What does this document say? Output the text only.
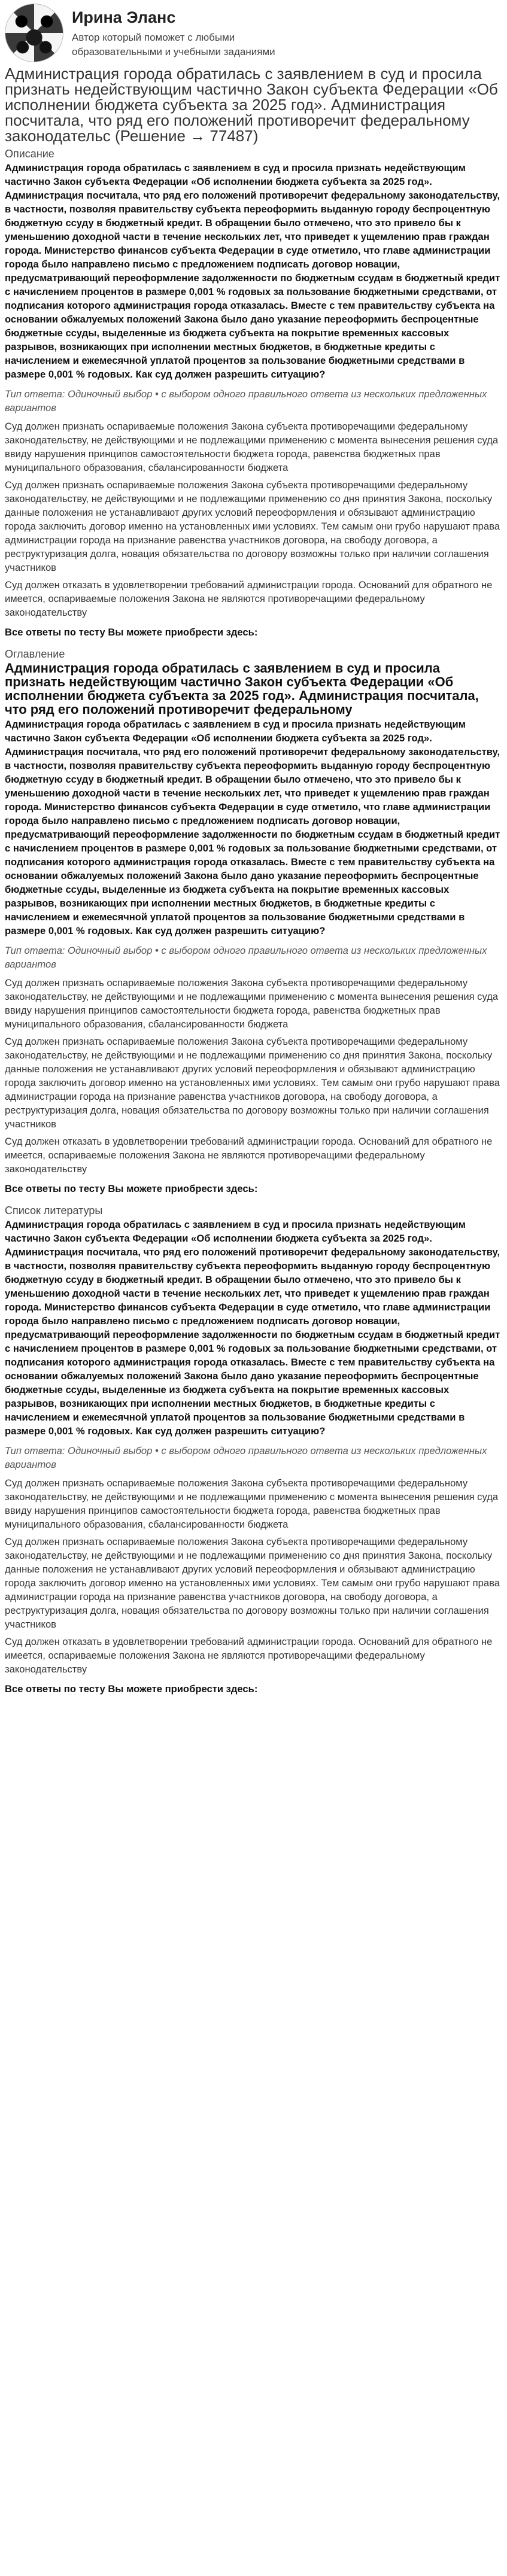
Ирина Эланс
Автор который поможет с любыми образовательными и учебными заданиями
Администрация города обратилась с заявлением в суд и просила признать недействующим частично Закон субъекта Федерации «Об исполнении бюджета субъекта за 2025 год». Администрация посчитала, что ряд его положений противоречит федеральному законодательс (Решение → 77487)

Описание

Администрация города обратилась с заявлением в суд и просила признать недействующим частично Закон субъекта Федерации «Об исполнении бюджета субъекта за 2025 год». Администрация посчитала, что ряд его положений противоречит федеральному законодательству, в частности, позволяя правительству субъекта переоформить выданную городу беспроцентную бюджетную ссуду в бюджетный кредит. В обращении было отмечено, что это привело бы к уменьшению доходной части в течение нескольких лет, что приведет к ущемлению прав граждан города. Министерство финансов субъекта Федерации в суде отметило, что главе администрации города было направлено письмо с предложением подписать договор новации, предусматривающий переоформление задолженности по бюджетным ссудам в бюджетный кредит с начислением процентов в размере 0,001 % годовых за пользование бюджетными средствами, от подписания которого администрация города отказалась. Вместе с тем правительству субъекта на основании обжалуемых положений Закона было дано указание переоформить беспроцентные бюджетные ссуды, выделенные из бюджета субъекта на покрытие временных кассовых разрывов, возникающих при исполнении местных бюджетов, в бюджетные кредиты с начислением и ежемесячной уплатой процентов за пользование бюджетными средствами в размере 0,001 % годовых. Как суд должен разрешить ситуацию?

Тип ответа: Одиночный выбор • с выбором одного правильного ответа из нескольких предложенных вариантов

Суд должен признать оспариваемые положения Закона субъекта противоречащими федеральному законодательству, не действующими и не подлежащими применению с момента вынесения решения суда ввиду нарушения принципов самостоятельности бюджета города, равенства бюджетных прав муниципального образования, сбалансированности бюджета

Суд должен признать оспариваемые положения Закона субъекта противоречащими федеральному законодательству, не действующими и не подлежащими применению со дня принятия Закона, поскольку данные положения не устанавливают других условий переоформления и обязывают администрацию города заключить договор именно на установленных ими условиях. Тем самым они грубо нарушают права администрации города на признание равенства участников договора, на свободу договора, а реструктуризация долга, новация обязательства по договору возможны только при наличии соглашения участников

Суд должен отказать в удовлетворении требований администрации города. Оснований для обратного не имеется, оспариваемые положения Закона не являются противоречащими федеральному законодательству

Все ответы по тесту Вы можете приобрести здесь:

Оглавление

Администрация города обратилась с заявлением в суд и просила признать недействующим частично Закон субъекта Федерации «Об исполнении бюджета субъекта за 2025 год». Администрация посчитала, что ряд его положений противоречит федеральному

Администрация города обратилась с заявлением в суд и просила признать недействующим частично Закон субъекта Федерации «Об исполнении бюджета субъекта за 2025 год». Администрация посчитала, что ряд его положений противоречит федеральному законодательству, в частности, позволяя правительству субъекта переоформить выданную городу беспроцентную бюджетную ссуду в бюджетный кредит. В обращении было отмечено, что это привело бы к уменьшению доходной части в течение нескольких лет, что приведет к ущемлению прав граждан города. Министерство финансов субъекта Федерации в суде отметило, что главе администрации города было направлено письмо с предложением подписать договор новации, предусматривающий переоформление задолженности по бюджетным ссудам в бюджетный кредит с начислением процентов в размере 0,001 % годовых за пользование бюджетными средствами, от подписания которого администрация города отказалась. Вместе с тем правительству субъекта на основании обжалуемых положений Закона было дано указание переоформить беспроцентные бюджетные ссуды, выделенные из бюджета субъекта на покрытие временных кассовых разрывов, возникающих при исполнении местных бюджетов, в бюджетные кредиты с начислением и ежемесячной уплатой процентов за пользование бюджетными средствами в размере 0,001 % годовых. Как суд должен разрешить ситуацию?

Тип ответа: Одиночный выбор • с выбором одного правильного ответа из нескольких предложенных вариантов

Суд должен признать оспариваемые положения Закона субъекта противоречащими федеральному законодательству, не действующими и не подлежащими применению с момента вынесения решения суда ввиду нарушения принципов самостоятельности бюджета города, равенства бюджетных прав муниципального образования, сбалансированности бюджета

Суд должен признать оспариваемые положения Закона субъекта противоречащими федеральному законодательству, не действующими и не подлежащими применению со дня принятия Закона, поскольку данные положения не устанавливают других условий переоформления и обязывают администрацию города заключить договор именно на установленных ими условиях. Тем самым они грубо нарушают права администрации города на признание равенства участников договора, на свободу договора, а реструктуризация долга, новация обязательства по договору возможны только при наличии соглашения участников

Суд должен отказать в удовлетворении требований администрации города. Оснований для обратного не имеется, оспариваемые положения Закона не являются противоречащими федеральному законодательству

Все ответы по тесту Вы можете приобрести здесь:

Список литературы

Администрация города обратилась с заявлением в суд и просила признать недействующим частично Закон субъекта Федерации «Об исполнении бюджета субъекта за 2025 год». Администрация посчитала, что ряд его положений противоречит федеральному законодательству, в частности, позволяя правительству субъекта переоформить выданную городу беспроцентную бюджетную ссуду в бюджетный кредит. В обращении было отмечено, что это привело бы к уменьшению доходной части в течение нескольких лет, что приведет к ущемлению прав граждан города. Министерство финансов субъекта Федерации в суде отметило, что главе администрации города было направлено письмо с предложением подписать договор новации, предусматривающий переоформление задолженности по бюджетным ссудам в бюджетный кредит с начислением процентов в размере 0,001 % годовых за пользование бюджетными средствами, от подписания которого администрация города отказалась. Вместе с тем правительству субъекта на основании обжалуемых положений Закона было дано указание переоформить беспроцентные бюджетные ссуды, выделенные из бюджета субъекта на покрытие временных кассовых разрывов, возникающих при исполнении местных бюджетов, в бюджетные кредиты с начислением и ежемесячной уплатой процентов за пользование бюджетными средствами в размере 0,001 % годовых. Как суд должен разрешить ситуацию?

Тип ответа: Одиночный выбор • с выбором одного правильного ответа из нескольких предложенных вариантов

Суд должен признать оспариваемые положения Закона субъекта противоречащими федеральному законодательству, не действующими и не подлежащими применению с момента вынесения решения суда ввиду нарушения принципов самостоятельности бюджета города, равенства бюджетных прав муниципального образования, сбалансированности бюджета

Суд должен признать оспариваемые положения Закона субъекта противоречащими федеральному законодательству, не действующими и не подлежащими применению со дня принятия Закона, поскольку данные положения не устанавливают других условий переоформления и обязывают администрацию города заключить договор именно на установленных ими условиях. Тем самым они грубо нарушают права администрации города на признание равенства участников договора, на свободу договора, а реструктуризация долга, новация обязательства по договору возможны только при наличии соглашения участников

Суд должен отказать в удовлетворении требований администрации города. Оснований для обратного не имеется, оспариваемые положения Закона не являются противоречащими федеральному законодательству

Все ответы по тесту Вы можете приобрести здесь:
